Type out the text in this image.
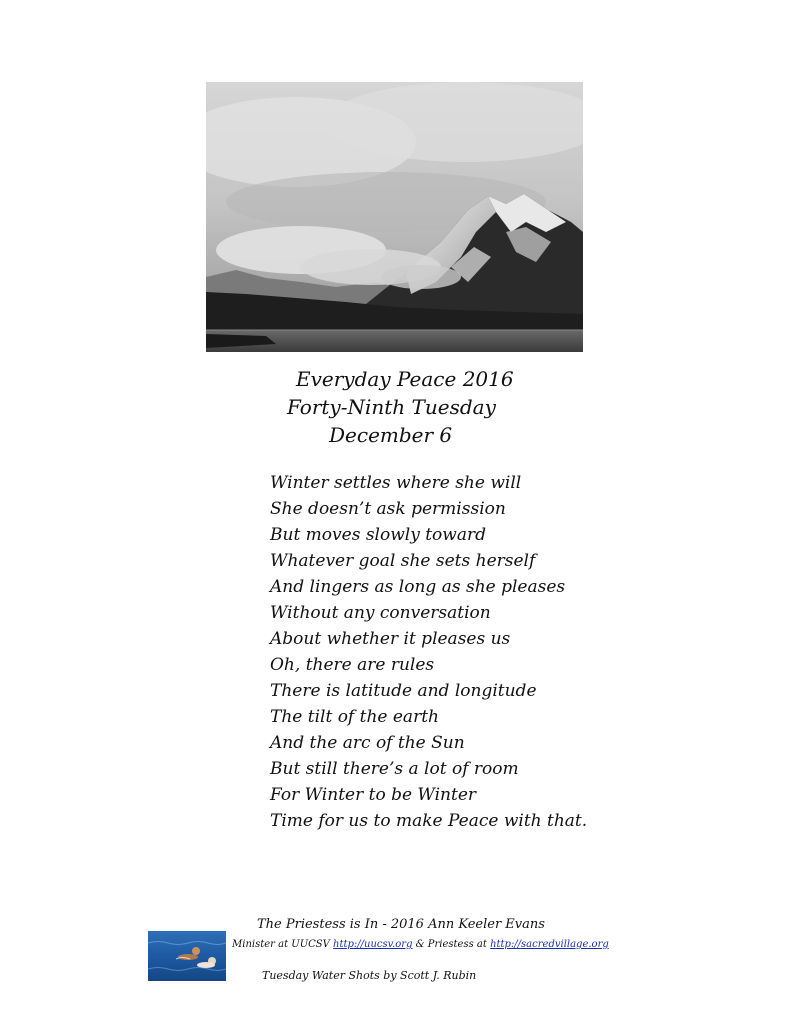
Everyday Peace 2016
Forty-Ninth Tuesday
December 6
Winter settles where she will
She doesn’t ask permission
But moves slowly toward
Whatever goal she sets herself
And lingers as long as she pleases
Without any conversation
About whether it pleases us
Oh, there are rules
There is latitude and longitude
The tilt of the earth
And the arc of the Sun
But still there’s a lot of room
For Winter to be Winter
Time for us to make Peace with that.
The Priestess is In - 2016 Ann Keeler Evans
Minister at UUCSV http://uucsv.org & Priestess at http://sacredvillage.org
Tuesday Water Shots by Scott J. Rubin
